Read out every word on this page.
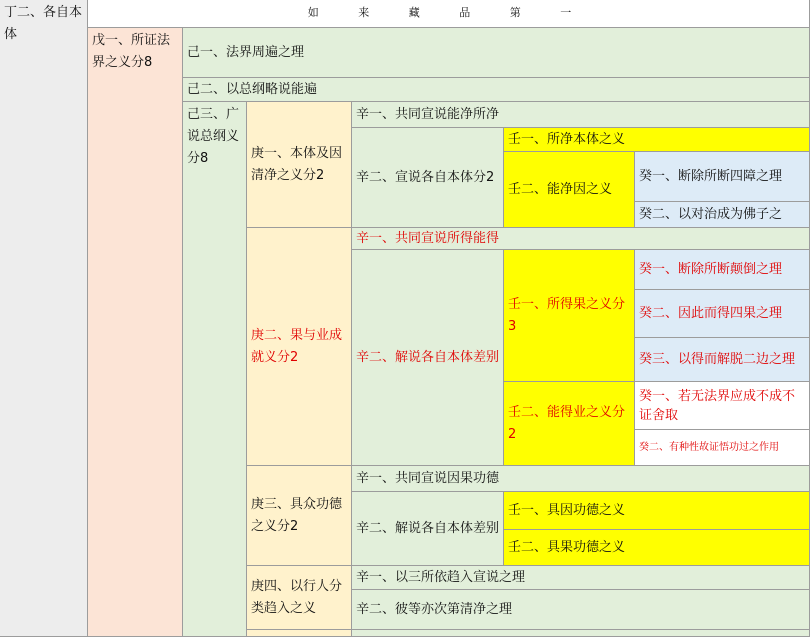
丁二、各自本体
如 来 藏 品 第 一
戊一、所证法界之义分8
己一、法界周遍之理
己二、以总纲略说能遍
己三、广说总纲义分8	庚一、本体及因清净之义分2
庚二、果与业成就义分2
庚三、具众功德之义分2
庚四、以行人分类趋入之义
辛一、共同宣说能净所净
辛二、宣说各自本体分2
壬一、所净本体之义
壬二、能净因之义
癸一、断除所断四障之理
癸二、以对治成为佛子之
辛一、共同宣说所得能得
辛二、解说各自本体差别
壬一、所得果之义分3
壬二、能得业之义分2
癸一、断除所断颠倒之理
癸二、因此而得四果之理
癸三、以得而解脱二边之理
癸一、若无法界应成不成不证舍取
癸二、有种性故证悟功过之作用
辛一、共同宣说因果功德
辛二、解说各自本体差别
壬一、具因功德之义
壬二、具果功德之义
辛一、以三所依趋入宣说之理
辛二、彼等亦次第清净之理
